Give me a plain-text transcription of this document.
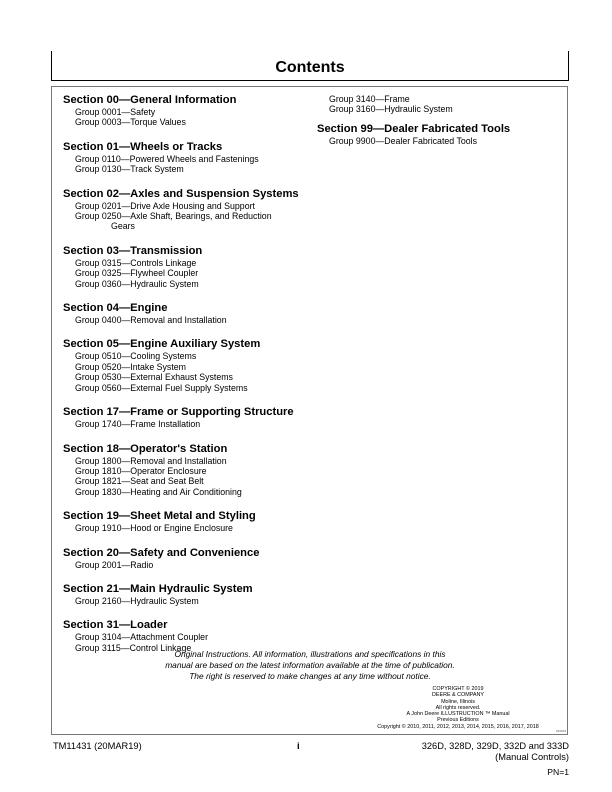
Contents
Section 00—General Information
Group 0001—Safety
Group 0003—Torque Values
Section 01—Wheels or Tracks
Group 0110—Powered Wheels and Fastenings
Group 0130—Track System
Section 02—Axles and Suspension Systems
Group 0201—Drive Axle Housing and Support
Group 0250—Axle Shaft, Bearings, and Reduction
Gears
Section 03—Transmission
Group 0315—Controls Linkage
Group 0325—Flywheel Coupler
Group 0360—Hydraulic System
Section 04—Engine
Group 0400—Removal and Installation
Section 05—Engine Auxiliary System
Group 0510—Cooling Systems
Group 0520—Intake System
Group 0530—External Exhaust Systems
Group 0560—External Fuel Supply Systems
Section 17—Frame or Supporting Structure
Group 1740—Frame Installation
Section 18—Operator's Station
Group 1800—Removal and Installation
Group 1810—Operator Enclosure
Group 1821—Seat and Seat Belt
Group 1830—Heating and Air Conditioning
Section 19—Sheet Metal and Styling
Group 1910—Hood or Engine Enclosure
Section 20—Safety and Convenience
Group 2001—Radio
Section 21—Main Hydraulic System
Group 2160—Hydraulic System
Section 31—Loader
Group 3104—Attachment Coupler
Group 3115—Control Linkage
Group 3140—Frame
Group 3160—Hydraulic System
Section 99—Dealer Fabricated Tools
Group 9900—Dealer Fabricated Tools
Original Instructions. All information, illustrations and specifications in this
manual are based on the latest information available at the time of publication.
The right is reserved to make changes at any time without notice.
COPYRIGHT © 2019
DEERE & COMPANY
Moline, Illinois
All rights reserved.
A John Deere ILLUSTRUCTION ™ Manual
Previous Editions
Copyright © 2010, 2011, 2012, 2013, 2014, 2015, 2016, 2017, 2018
032019
TM11431 (20MAR19)	i	326D, 328D, 329D, 332D and 333D
(Manual Controls)
PN=1
